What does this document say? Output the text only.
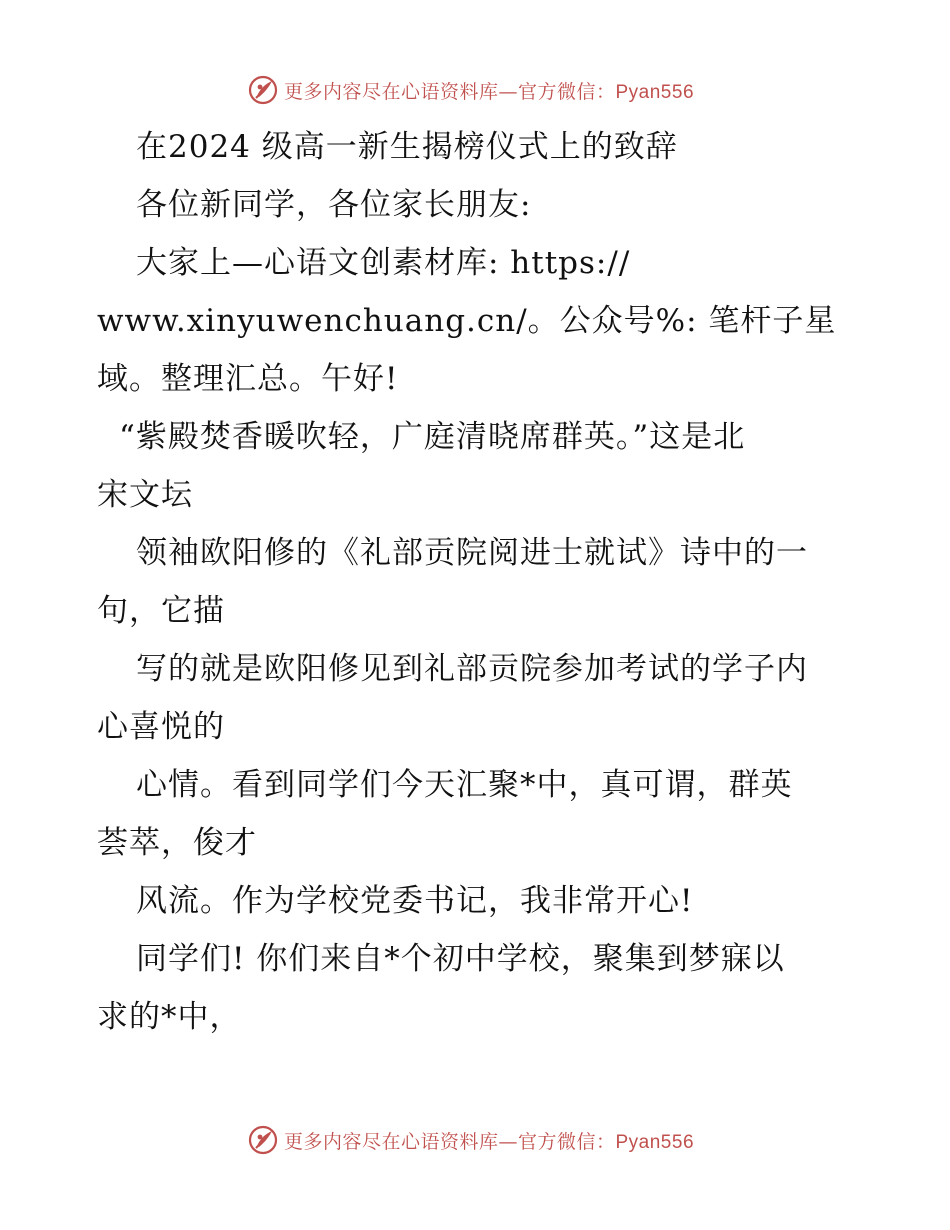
更多内容尽在心语资料库—官方微信：Pyan556
在2024 级高一新生揭榜仪式上的致辞
各位新同学，各位家长朋友:
大家上—心语文创素材库: https://
www.xinyuwenchuang.cn/。公众号%: 笔杆子星
域。整理汇总。午好!
“紫殿焚香暖吹轻，广庭清晓席群英。”这是北
宋文坛
领袖欧阳修的《礼部贡院阅进士就试》诗中的一
句，它描
写的就是欧阳修见到礼部贡院参加考试的学子内
心喜悦的
心情。看到同学们今天汇聚*中，真可谓，群英
荟萃，俊才
风流。作为学校党委书记，我非常开心!
同学们! 你们来自*个初中学校，聚集到梦寐以
求的*中，
更多内容尽在心语资料库—官方微信：Pyan556
